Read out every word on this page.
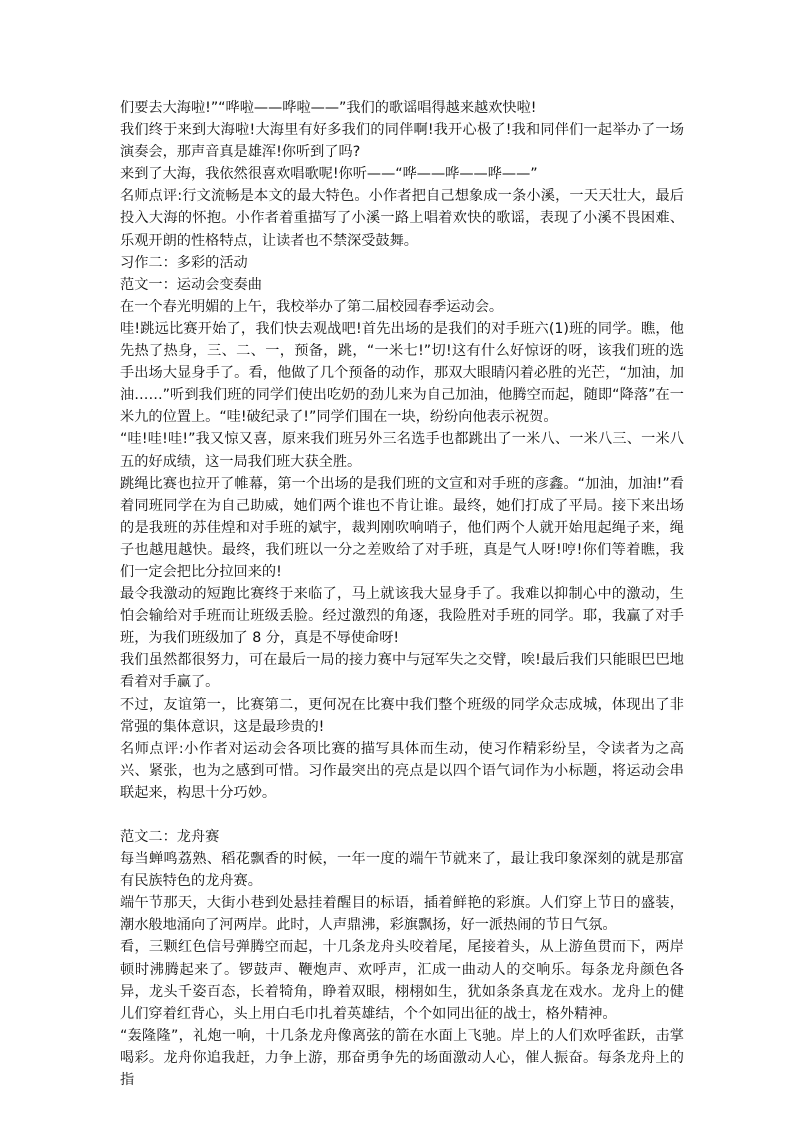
们要去大海啦!”“哗啦——哗啦——”我们的歌谣唱得越来越欢快啦!

我们终于来到大海啦!大海里有好多我们的同伴啊!我开心极了!我和同伴们一起举办了一场演奏会，那声音真是雄浑!你听到了吗?

来到了大海，我依然很喜欢唱歌呢!你听——“哗——哗——哗——”

名师点评:行文流畅是本文的最大特色。小作者把自己想象成一条小溪，一天天壮大，最后投入大海的怀抱。小作者着重描写了小溪一路上唱着欢快的歌谣，表现了小溪不畏困难、乐观开朗的性格特点，让读者也不禁深受鼓舞。

习作二：多彩的活动

范文一：运动会变奏曲

在一个春光明媚的上午，我校举办了第二届校园春季运动会。

哇!跳远比赛开始了，我们快去观战吧!首先出场的是我们的对手班六(1)班的同学。瞧，他先热了热身，三、二、一，预备，跳，“一米七!”切!这有什么好惊讶的呀，该我们班的选手出场大显身手了。看，他做了几个预备的动作，那双大眼睛闪着必胜的光芒，“加油，加油……”听到我们班的同学们使出吃奶的劲儿来为自己加油，他腾空而起，随即“降落”在一米九的位置上。“哇!破纪录了!”同学们围在一块，纷纷向他表示祝贺。

“哇!哇!哇!”我又惊又喜，原来我们班另外三名选手也都跳出了一米八、一米八三、一米八五的好成绩，这一局我们班大获全胜。

跳绳比赛也拉开了帷幕，第一个出场的是我们班的文宣和对手班的彦鑫。“加油，加油!”看着同班同学在为自己助威，她们两个谁也不肯让谁。最终，她们打成了平局。接下来出场的是我班的苏佳煌和对手班的斌宇，裁判刚吹响哨子，他们两个人就开始甩起绳子来，绳子也越甩越快。最终，我们班以一分之差败给了对手班，真是气人呀!哼!你们等着瞧，我们一定会把比分拉回来的!

最令我激动的短跑比赛终于来临了，马上就该我大显身手了。我难以抑制心中的激动，生怕会输给对手班而让班级丢脸。经过激烈的角逐，我险胜对手班的同学。耶，我赢了对手班，为我们班级加了 8 分，真是不辱使命呀!

我们虽然都很努力，可在最后一局的接力赛中与冠军失之交臂，唉!最后我们只能眼巴巴地看着对手赢了。

不过，友谊第一，比赛第二，更何况在比赛中我们整个班级的同学众志成城，体现出了非常强的集体意识，这是最珍贵的!

名师点评:小作者对运动会各项比赛的描写具体而生动，使习作精彩纷呈，令读者为之高兴、紧张，也为之感到可惜。习作最突出的亮点是以四个语气词作为小标题，将运动会串联起来，构思十分巧妙。

范文二：龙舟赛

每当蝉鸣荔熟、稻花飘香的时候，一年一度的端午节就来了，最让我印象深刻的就是那富有民族特色的龙舟赛。

端午节那天，大街小巷到处悬挂着醒目的标语，插着鲜艳的彩旗。人们穿上节日的盛装，潮水般地涌向了河两岸。此时，人声鼎沸，彩旗飘扬，好一派热闹的节日气氛。

看，三颗红色信号弹腾空而起，十几条龙舟头咬着尾，尾接着头，从上游鱼贯而下，两岸顿时沸腾起来了。锣鼓声、鞭炮声、欢呼声，汇成一曲动人的交响乐。每条龙舟颜色各异，龙头千姿百态，长着犄角，睁着双眼，栩栩如生，犹如条条真龙在戏水。龙舟上的健儿们穿着红背心，头上用白毛巾扎着英雄结，个个如同出征的战士，格外精神。

“轰隆隆”，礼炮一响，十几条龙舟像离弦的箭在水面上飞驰。岸上的人们欢呼雀跃，击掌喝彩。龙舟你追我赶，力争上游，那奋勇争先的场面激动人心，催人振奋。每条龙舟上的指
